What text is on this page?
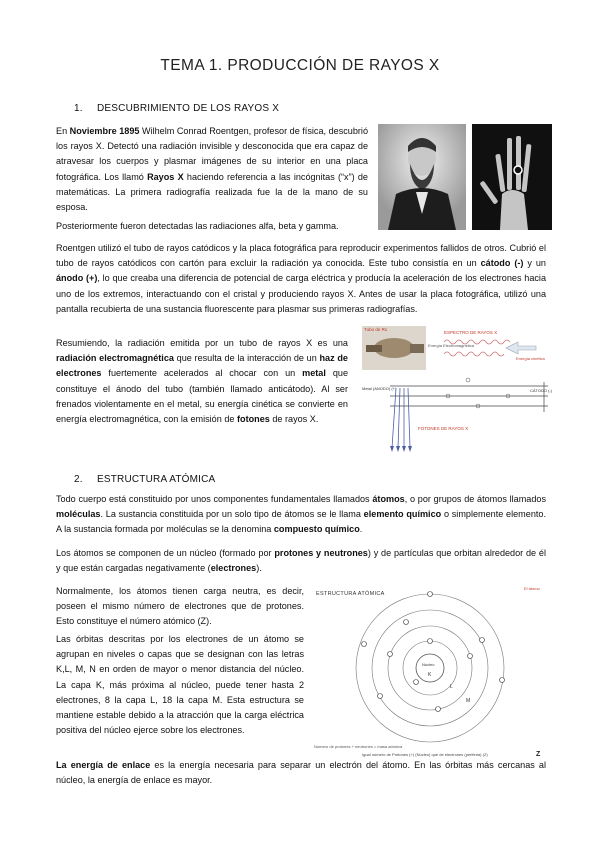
TEMA 1. PRODUCCIÓN DE RAYOS X
1. DESCUBRIMIENTO DE LOS RAYOS X
En Noviembre 1895 Wilhelm Conrad Roentgen, profesor de física, descubrió los rayos X. Detectó una radiación invisible y desconocida que era capaz de atravesar los cuerpos y plasmar imágenes de su interior en una placa fotográfica. Los llamó Rayos X haciendo referencia a las incógnitas (“x”) de matemáticas. La primera radiografía realizada fue la de la mano de su esposa.
Posteriormente fueron detectadas las radiaciones alfa, beta y gamma.
Roentgen utilizó el tubo de rayos catódicos y la placa fotográfica para reproducir experimentos fallidos de otros. Cubrió el tubo de rayos catódicos con cartón para excluir la radiación ya conocida. Este tubo consistía en un cátodo (-) y un ánodo (+), lo que creaba una diferencia de potencial de carga eléctrica y producía la aceleración de los electrones hacia uno de los extremos, interactuando con el cristal y produciendo rayos X. Antes de usar la placa fotográfica, utilizó una pantalla recubierta de una sustancia fluorescente para plasmar sus primeras radiografías.
Resumiendo, la radiación emitida por un tubo de rayos X es una radiación electromagnética que resulta de la interacción de un haz de electrones fuertemente acelerados al chocar con un metal que constituye el ánodo del tubo (también llamado anticátodo). Al ser frenados violentamente en el metal, su energía cinética se convierte en energía electromagnética, con la emisión de fotones de rayos X.
Tubo de Rx
ESPECTRO DE RAYOS X
Energía Electromagnética
Energía cinética
Metal (ANODO) (+)	CÁTODO (-)
FOTONES DE RAYOS X
2. ESTRUCTURA ATÓMICA
Todo cuerpo está constituido por unos componentes fundamentales llamados átomos, o por grupos de átomos llamados moléculas. La sustancia constituida por un solo tipo de átomos se le llama elemento químico o simplemente elemento. A la sustancia formada por moléculas se la denomina compuesto químico.
Los átomos se componen de un núcleo (formado por protones y neutrones) y de partículas que orbitan alrededor de él y que están cargadas negativamente (electrones).
Normalmente, los átomos tienen carga neutra, es decir, poseen el mismo número de electrones que de protones. Esto constituye el número atómico (Z).
Las órbitas descritas por los electrones de un átomo se agrupan en niveles o capas que se designan con las letras K,L, M, N en orden de mayor o menor distancia del núcleo. La capa K, más próxima al núcleo, puede tener hasta 2 electrones, 8 la capa L, 18 la capa M. Esta estructura se mantiene estable debido a la atracción que la carga eléctrica positiva del núcleo ejerce sobre los electrones.
ESTRUCTURA ATÓMICA
El átomo
Núcleo
K
L
M
Número de protones + neutrones = masa atómica
Igual número de Protones (+) (Núcleo) que de electrones (periferia) (Z)	Z
La energía de enlace es la energía necesaria para separar un electrón del átomo. En las órbitas más cercanas al núcleo, la energía de enlace es mayor.
